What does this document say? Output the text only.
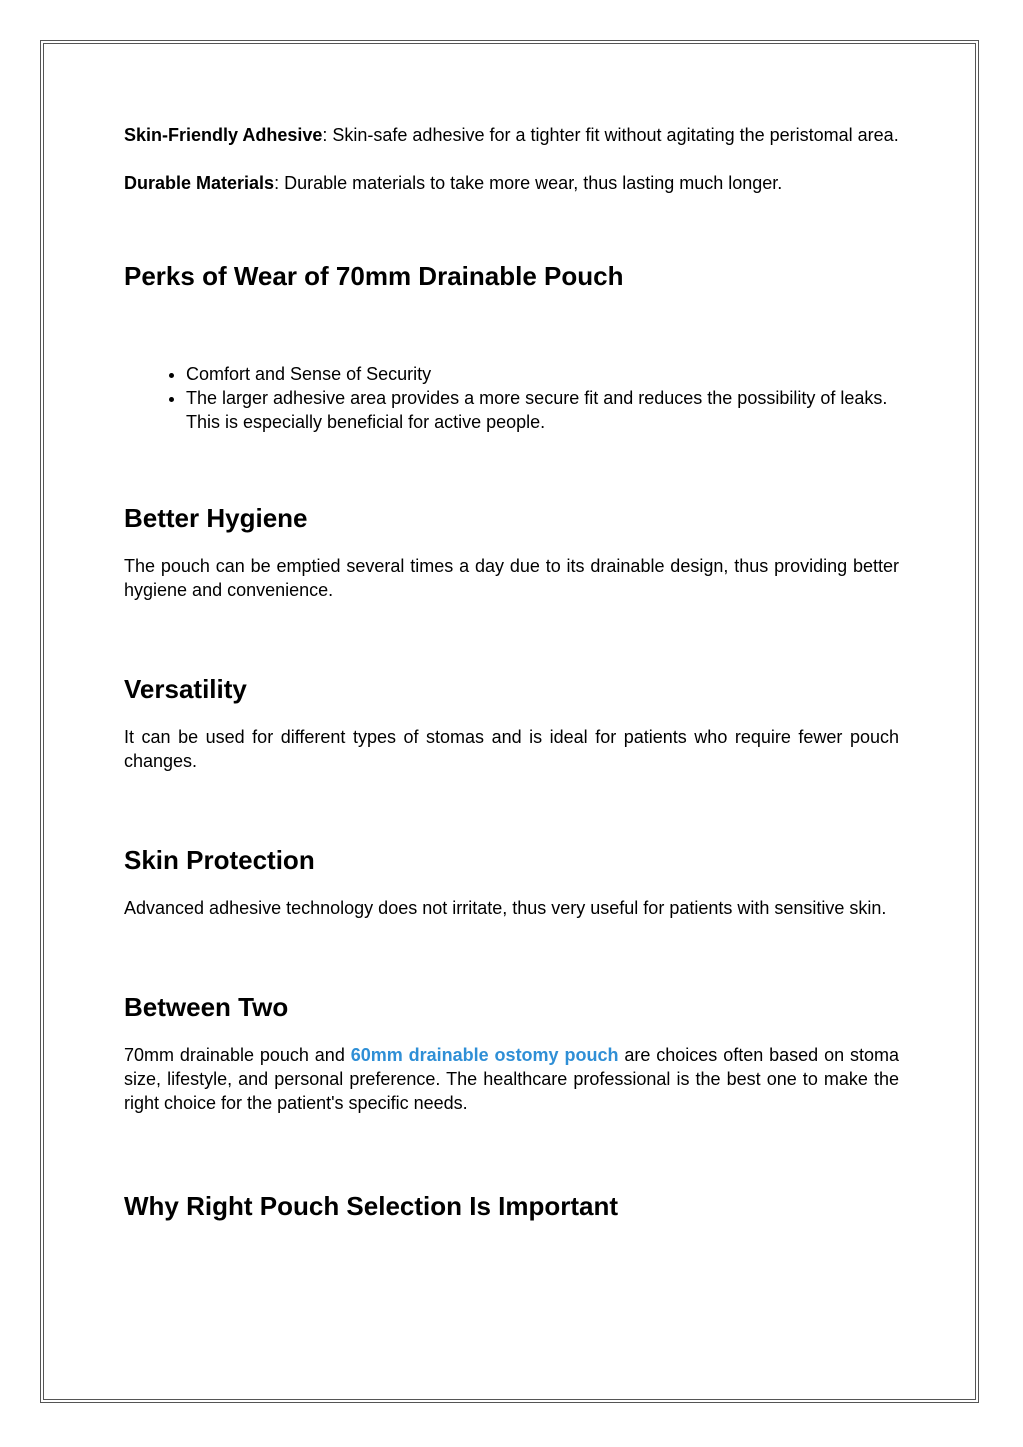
Skin-Friendly Adhesive: Skin-safe adhesive for a tighter fit without agitating the peristomal area.

Durable Materials: Durable materials to take more wear, thus lasting much longer.

Perks of Wear of 70mm Drainable Pouch
• Comfort and Sense of Security
• The larger adhesive area provides a more secure fit and reduces the possibility of leaks. This is especially beneficial for active people.
Better Hygiene

The pouch can be emptied several times a day due to its drainable design, thus providing better hygiene and convenience.

Versatility

It can be used for different types of stomas and is ideal for patients who require fewer pouch changes.

Skin Protection

Advanced adhesive technology does not irritate, thus very useful for patients with sensitive skin.

Between Two

70mm drainable pouch and 60mm drainable ostomy pouch are choices often based on stoma size, lifestyle, and personal preference. The healthcare professional is the best one to make the right choice for the patient's specific needs.

Why Right Pouch Selection Is Important
